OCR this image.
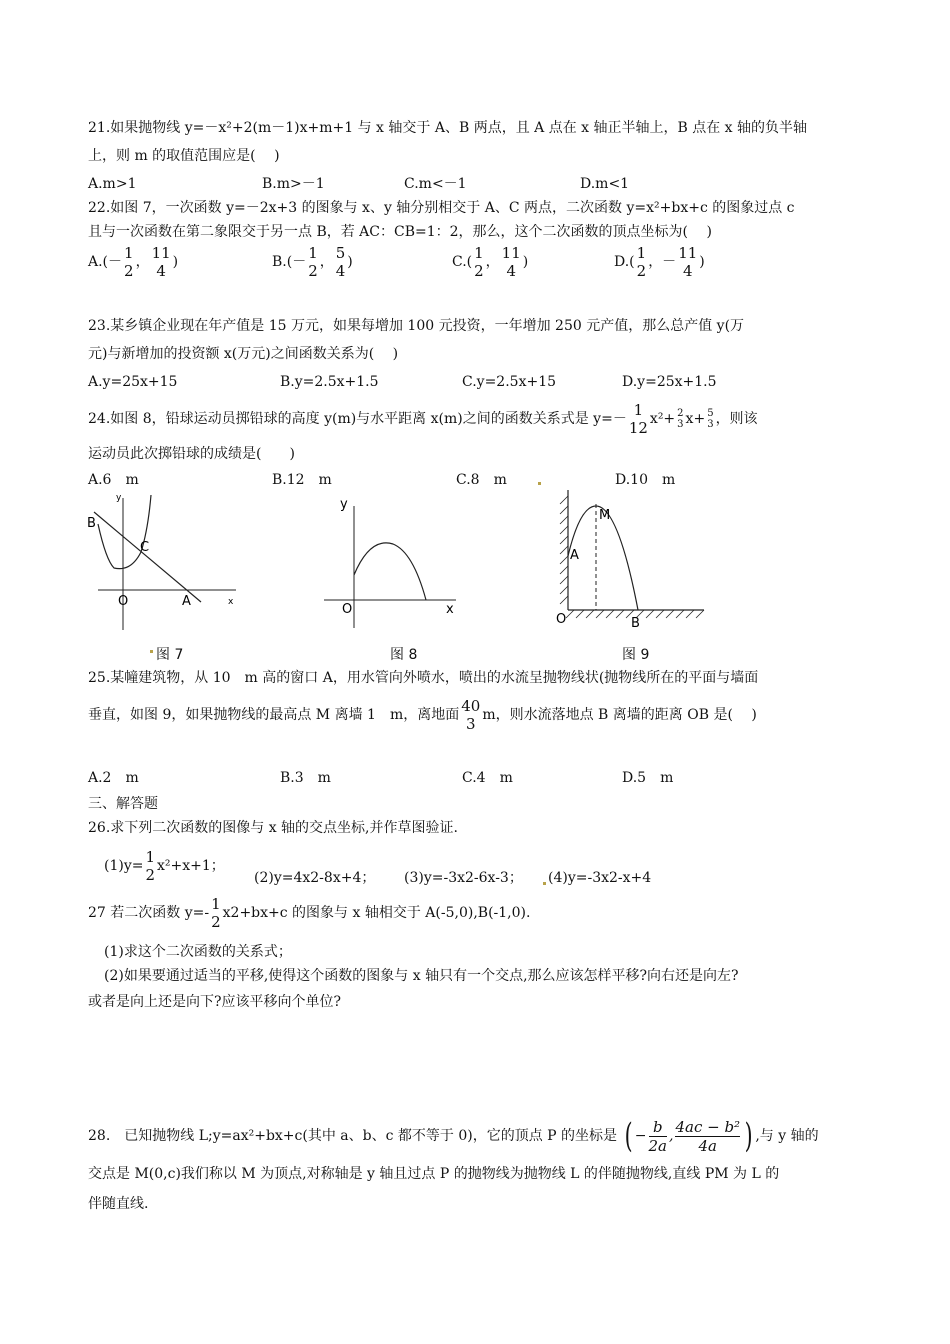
21.如果抛物线 y=－x²+2(m－1)x+m+1 与 x 轴交于 A、B 两点，且 A 点在 x 轴正半轴上，B 点在 x 轴的负半轴
上，则 m 的取值范围应是(　 )
A.m>1	B.m>－1	C.m<－1	D.m<1
22.如图 7，一次函数 y=－2x+3 的图象与 x、y 轴分别相交于 A、C 两点，二次函数 y=x²+bx+c 的图象过点 c
且与一次函数在第二象限交于另一点 B，若 AC：CB=1：2，那么，这个二次函数的顶点坐标为(　 )
A.(－ 1
2 ， 11
4 )	B.(－ 1
2 ， 5
4 )	C.( 1
2 ， 11
4 )	D.( 1
2 ，－ 11
4 )
23.某乡镇企业现在年产值是 15 万元，如果每增加 100 元投资，一年增加 250 元产值，那么总产值 y(万
元)与新增加的投资额 x(万元)之间函数关系为(　 )
A.y=25x+15	B.y=2.5x+1.5	C.y=2.5x+15	D.y=25x+1.5
24.如图 8，铅球运动员掷铅球的高度 y(m)与水平距离 x(m)之间的函数关系式是 y=－ 1
12 x²+ 2
3 x+ 5
3 ，则该
运动员此次掷铅球的成绩是(　　)
A.6　m	B.12　m	C.8　m	D.10　m
B
C
O	A	x
y
图 7
y
O	x
图 8
M
A
O	B
图 9
25.某幢建筑物，从 10　m 高的窗口 A，用水管向外喷水，喷出的水流呈抛物线状(抛物线所在的平面与墙面
垂直，如图 9，如果抛物线的最高点 M 离墙 1　m，离地面 40
3 m，则水流落地点 B 离墙的距离 OB 是(　 )
A.2　m	B.3　m	C.4　m	D.5　m
三、解答题
26.求下列二次函数的图像与 x 轴的交点坐标,并作草图验证.
(1)y= 1
2 x²+x+1；
(2)y=4x2-8x+4； (3)y=-3x2-6x-3； (4)y=-3x2-x+4
27 若二次函数 y=- 1
2 x2+bx+c 的图象与 x 轴相交于 A(-5,0),B(-1,0).
(1)求这个二次函数的关系式；
(2)如果要通过适当的平移,使得这个函数的图象与 x 轴只有一个交点,那么应该怎样平移?向右还是向左?
或者是向上还是向下?应该平移向个单位?
28.　已知抛物线 L;y=ax²+bx+c(其中 a、b、c 都不等于 0)，它的顶点 P 的坐标是 ( − $\frac{b}{2a}$ , $\frac{\text{4ac − b²}}{4a}$ ) ,与 y 轴的
交点是 M(0,c)我们称以 M 为顶点,对称轴是 y 轴且过点 P 的抛物线为抛物线 L 的伴随抛物线,直线 PM 为 L 的
伴随直线.
